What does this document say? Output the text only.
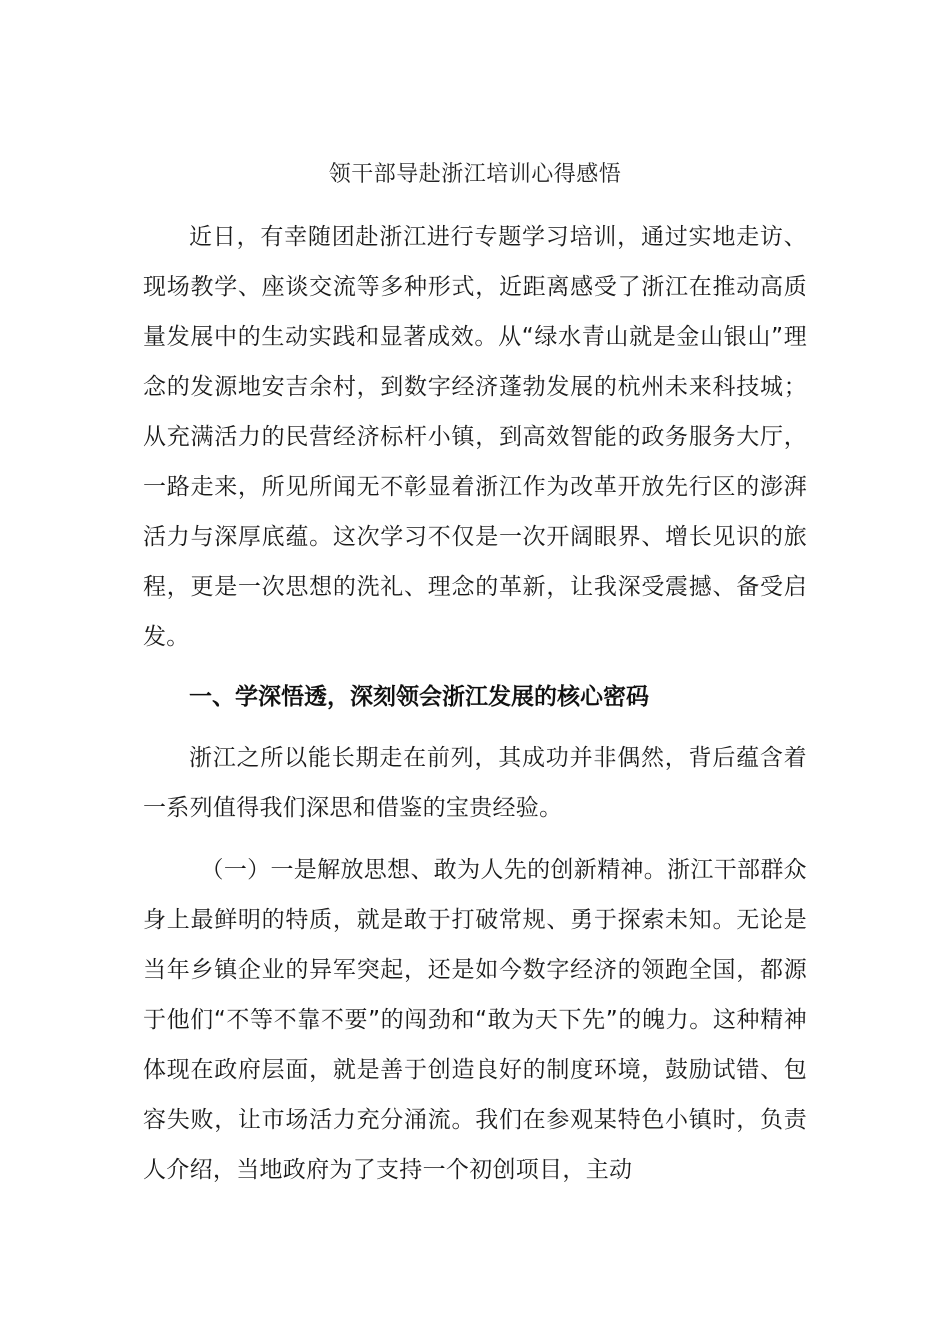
领干部导赴浙江培训心得感悟

近日，有幸随团赴浙江进行专题学习培训，通过实地走访、现场教学、座谈交流等多种形式，近距离感受了浙江在推动高质量发展中的生动实践和显著成效。从“绿水青山就是金山银山”理念的发源地安吉余村，到数字经济蓬勃发展的杭州未来科技城；从充满活力的民营经济标杆小镇，到高效智能的政务服务大厅，一路走来，所见所闻无不彰显着浙江作为改革开放先行区的澎湃活力与深厚底蕴。这次学习不仅是一次开阔眼界、增长见识的旅程，更是一次思想的洗礼、理念的革新，让我深受震撼、备受启发。

一、学深悟透，深刻领会浙江发展的核心密码

浙江之所以能长期走在前列，其成功并非偶然，背后蕴含着一系列值得我们深思和借鉴的宝贵经验。

（一）一是解放思想、敢为人先的创新精神。浙江干部群众身上最鲜明的特质，就是敢于打破常规、勇于探索未知。无论是当年乡镇企业的异军突起，还是如今数字经济的领跑全国，都源于他们“不等不靠不要”的闯劲和“敢为天下先”的魄力。这种精神体现在政府层面，就是善于创造良好的制度环境，鼓励试错、包容失败，让市场活力充分涌流。我们在参观某特色小镇时，负责人介绍，当地政府为了支持一个初创项目，主动
